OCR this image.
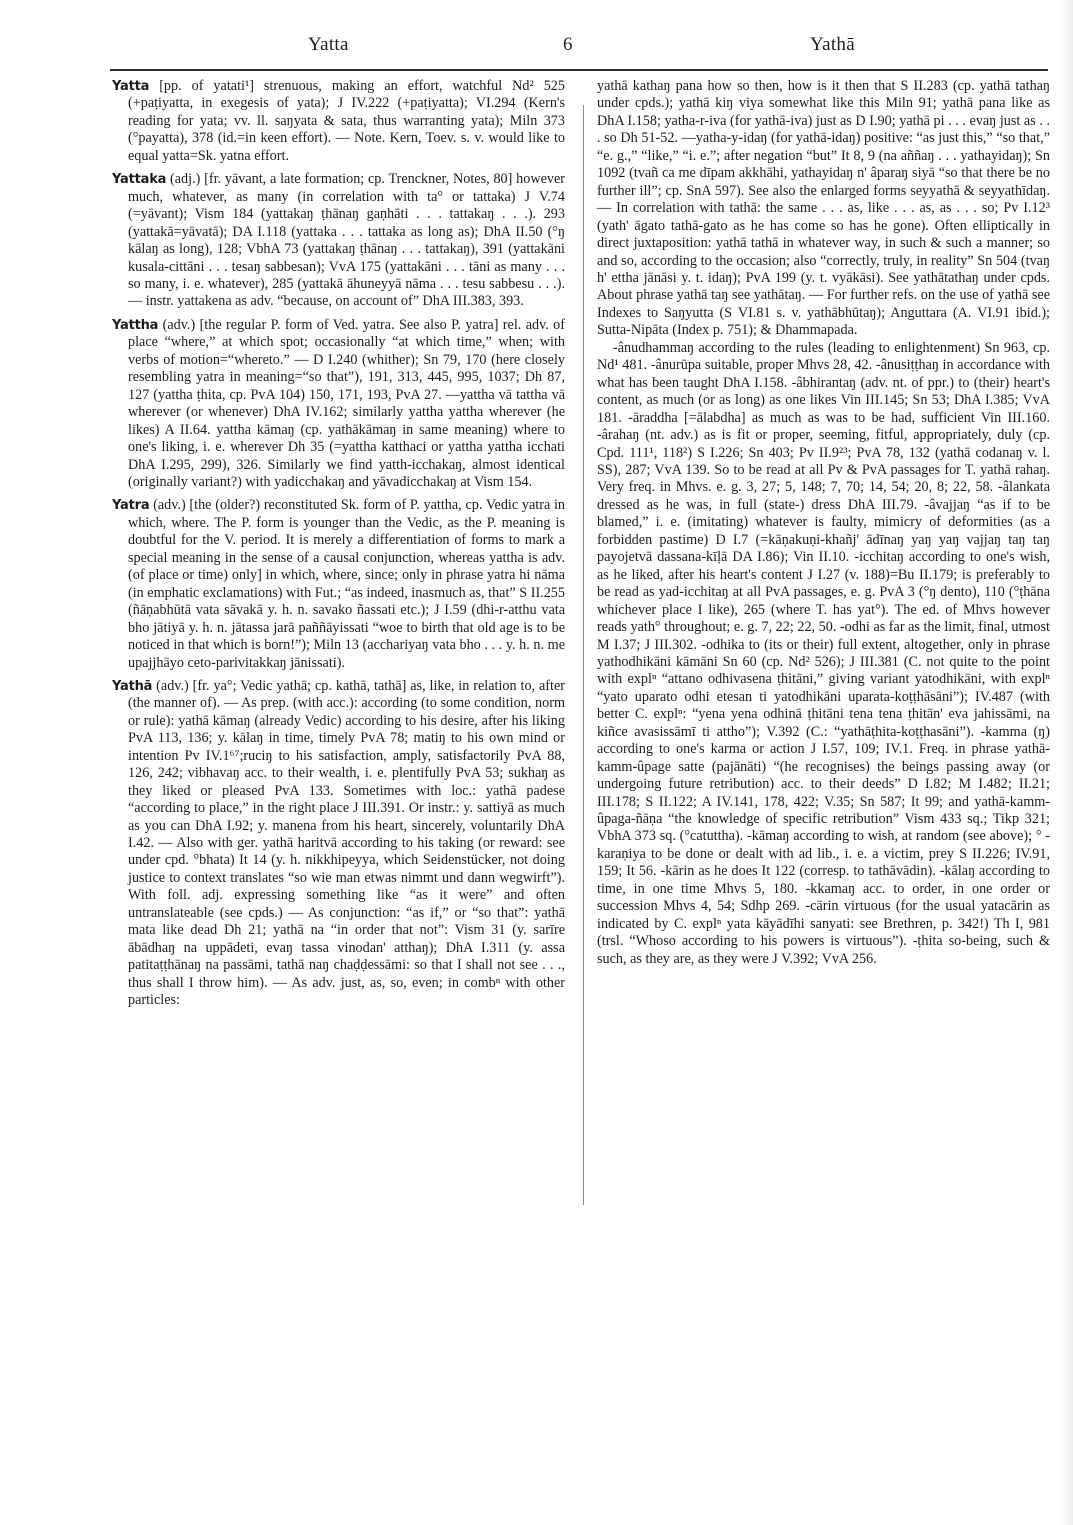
Yatta	6	Yathā

Yatta [pp. of yatati¹] strenuous, making an effort, watchful Nd² 525 (+paṭiyatta, in exegesis of yata); J IV.222 (+paṭiyatta); VI.294 (Kern's reading for yata; vv. ll. saŋyata & sata, thus warranting yata); Miln 373 (°payatta), 378 (id.=in keen effort). — Note. Kern, Toev. s. v. would like to equal yatta=Sk. yatna effort.

Yattaka (adj.) [fr. yāvant, a late formation; cp. Trenckner, Notes, 80] however much, whatever, as many (in correlation with ta° or tattaka) J V.74 (=yāvant); Vism 184 (yattakaŋ ṭhānaŋ gaṇhāti . . . tattakaŋ . . .). 293 (yattakā=yāvatā); DA I.118 (yattaka . . . tattaka as long as); DhA II.50 (°ŋ kālaŋ as long), 128; VbhA 73 (yattakaŋ ṭhānaŋ . . . tattakaŋ), 391 (yattakāni kusala-cittāni . . . tesaŋ sabbesan); VvA 175 (yattakāni . . . tāni as many . . . so many, i. e. whatever), 285 (yattakā āhuneyyā nāma . . . tesu sabbesu . . .). — instr. yattakena as adv. “because, on account of” DhA III.383, 393.

Yattha (adv.) [the regular P. form of Ved. yatra. See also P. yatra] rel. adv. of place “where,” at which spot; occasionally “at which time,” when; with verbs of motion=“whereto.” — D I.240 (whither); Sn 79, 170 (here closely resembling yatra in meaning=“so that”), 191, 313, 445, 995, 1037; Dh 87, 127 (yattha ṭhita, cp. PvA 104) 150, 171, 193, PvA 27. —yattha vā tattha vā wherever (or whenever) DhA IV.162; similarly yattha yattha wherever (he likes) A II.64. yattha kāmaŋ (cp. yathākāmaŋ in same meaning) where to one's liking, i. e. wherever Dh 35 (=yattha katthaci or yattha yattha icchati DhA I.295, 299), 326. Similarly we find yatth-icchakaŋ, almost identical (originally variant?) with yadicchakaŋ and yāvadicchakaŋ at Vism 154.

Yatra (adv.) [the (older?) reconstituted Sk. form of P. yattha, cp. Vedic yatra in which, where. The P. form is younger than the Vedic, as the P. meaning is doubtful for the V. period. It is merely a differentiation of forms to mark a special meaning in the sense of a causal conjunction, whereas yattha is adv. (of place or time) only] in which, where, since; only in phrase yatra hi nāma (in emphatic exclamations) with Fut.; “as indeed, inasmuch as, that” S II.255 (ñāṇabhūtā vata sāvakā y. h. n. savako ñassati etc.); J I.59 (dhi-r-atthu vata bho jātiyā y. h. n. jātassa jarā paññāyissati “woe to birth that old age is to be noticed in that which is born!”); Miln 13 (acchariyaŋ vata bho . . . y. h. n. me upajjhāyo ceto-parivitakkaŋ jānissati).

Yathā (adv.) [fr. ya°; Vedic yathā; cp. kathā, tathā] as, like, in relation to, after (the manner of). — As prep. (with acc.): according (to some condition, norm or rule): yathā kāmaŋ (already Vedic) according to his desire, after his liking PvA 113, 136; y. kālaŋ in time, timely PvA 78; matiŋ to his own mind or intention Pv IV.1⁶⁷;ruciŋ to his satisfaction, amply, satisfactorily PvA 88, 126, 242; vibhavaŋ acc. to their wealth, i. e. plentifully PvA 53; sukhaŋ as they liked or pleased PvA 133. Sometimes with loc.: yathā padese “according to place,” in the right place J III.391. Or instr.: y. sattiyā as much as you can DhA I.92; y. manena from his heart, sincerely, voluntarily DhA I.42. — Also with ger. yathā haritvā according to his taking (or reward: see under cpd. °bhata) It 14 (y. h. nikkhipeyya, which Seidenstücker, not doing justice to context translates “so wie man etwas nimmt und dann wegwirft”). With foll. adj. expressing something like “as it were” and often untranslateable (see cpds.) — As conjunction: “as if,” or “so that”: yathā mata like dead Dh 21; yathā na “in order that not”: Vism 31 (y. sarīre ābādhaŋ na uppādeti, evaŋ tassa vinodan' atthaŋ); DhA I.311 (y. assa patitaṭṭhānaŋ na passāmi, tathā naŋ chaḍḍessāmi: so that I shall not see . . ., thus shall I throw him). — As adv. just, as, so, even; in combⁿ with other particles:

yathā kathaŋ pana how so then, how is it then that S II.283 (cp. yathā tathaŋ under cpds.); yathā kiŋ viya somewhat like this Miln 91; yathā pana like as DhA I.158; yatha-r-iva (for yathā-iva) just as D I.90; yathā pi . . . evaŋ just as . . . so Dh 51-52. —yatha-y-idaŋ (for yathā-idaŋ) positive: “as just this,” “so that,” “e. g.,” “like,” “i. e.”; after negation “but” It 8, 9 (na aññaŋ . . . yathayidaŋ); Sn 1092 (tvañ ca me dīpam akkhāhi, yathayidaŋ n' âparaŋ siyā “so that there be no further ill”; cp. SnA 597). See also the enlarged forms seyyathā & seyyathīdaŋ. — In correlation with tathā: the same . . . as, like . . . as, as . . . so; Pv I.12³ (yath' āgato tathā-gato as he has come so has he gone). Often elliptically in direct juxtaposition: yathā tathā in whatever way, in such & such a manner; so and so, according to the occasion; also “correctly, truly, in reality” Sn 504 (tvaŋ h' ettha jānāsi y. t. idaŋ); PvA 199 (y. t. vyākāsi). See yathātathaŋ under cpds. About phrase yathā taŋ see yathātaŋ. — For further refs. on the use of yathā see Indexes to Saŋyutta (S VI.81 s. v. yathābhūtaŋ); Anguttara (A. VI.91 ibid.); Sutta-Nipāta (Index p. 751); & Dhammapada.

-ânudhammaŋ according to the rules (leading to enlightenment) Sn 963, cp. Nd¹ 481. -ânurūpa suitable, proper Mhvs 28, 42. -ânusiṭṭhaŋ in accordance with what has been taught DhA I.158. -âbhirantaŋ (adv. nt. of ppr.) to (their) heart's content, as much (or as long) as one likes Vin III.145; Sn 53; DhA I.385; VvA 181. -āraddha [=ālabdha] as much as was to be had, sufficient Vin III.160. -ârahaŋ (nt. adv.) as is fit or proper, seeming, fitful, appropriately, duly (cp. Cpd. 111¹, 118²) S I.226; Sn 403; Pv II.9²³; PvA 78, 132 (yathā codanaŋ v. l. SS), 287; VvA 139. So to be read at all Pv & PvA passages for T. yathā rahaŋ. Very freq. in Mhvs. e. g. 3, 27; 5, 148; 7, 70; 14, 54; 20, 8; 22, 58. -âlankata dressed as he was, in full (state-) dress DhA III.79. -âvajjaŋ “as if to be blamed,” i. e. (imitating) whatever is faulty, mimicry of deformities (as a forbidden pastime) D I.7 (=kāṇakuṇi-khañj' ādīnaŋ yaŋ yaŋ vajjaŋ taŋ taŋ payojetvā dassana-kīḷā DA I.86); Vin II.10. -icchitaŋ according to one's wish, as he liked, after his heart's content J I.27 (v. 188)=Bu II.179; is preferably to be read as yad-icchitaŋ at all PvA passages, e. g. PvA 3 (°ŋ dento), 110 (°ṭhāna whichever place I like), 265 (where T. has yat°). The ed. of Mhvs however reads yath° throughout; e. g. 7, 22; 22, 50. -odhi as far as the limit, final, utmost M I.37; J III.302. -odhika to (its or their) full extent, altogether, only in phrase yathodhikāni kāmāni Sn 60 (cp. Nd² 526); J III.381 (C. not quite to the point with explⁿ “attano odhivasena ṭhitāni,” giving variant yatodhikāni, with explⁿ “yato uparato odhi etesan ti yatodhikāni uparata-koṭṭhāsāni”); IV.487 (with better C. explⁿ: “yena yena odhinā ṭhitāni tena tena ṭhitān' eva jahissāmi, na kiñce avasissāmī ti attho”); V.392 (C.: “yathāṭhita-koṭṭhasāni”). -kamma (ŋ) according to one's karma or action J I.57, 109; IV.1. Freq. in phrase yathā-kamm-ûpage satte (pajānāti) “(he recognises) the beings passing away (or undergoing future retribution) acc. to their deeds” D I.82; M I.482; II.21; III.178; S II.122; A IV.141, 178, 422; V.35; Sn 587; It 99; and yathā-kamm-ûpaga-ñāṇa “the knowledge of specific retribution” Vism 433 sq.; Tikp 321; VbhA 373 sq. (°catuttha). -kāmaŋ according to wish, at random (see above); ° -karaṇiya to be done or dealt with ad lib., i. e. a victim, prey S II.226; IV.91, 159; It 56. -kārin as he does It 122 (corresp. to tathāvādin). -kālaŋ according to time, in one time Mhvs 5, 180. -kkamaŋ acc. to order, in one order or succession Mhvs 4, 54; Sdhp 269. -cārin virtuous (for the usual yatacārin as indicated by C. explⁿ yata kāyādīhi sanyati: see Brethren, p. 342!) Th I, 981 (trsl. “Whoso according to his powers is virtuous”). -ṭhita so-being, such & such, as they are, as they were J V.392; VvA 256.
